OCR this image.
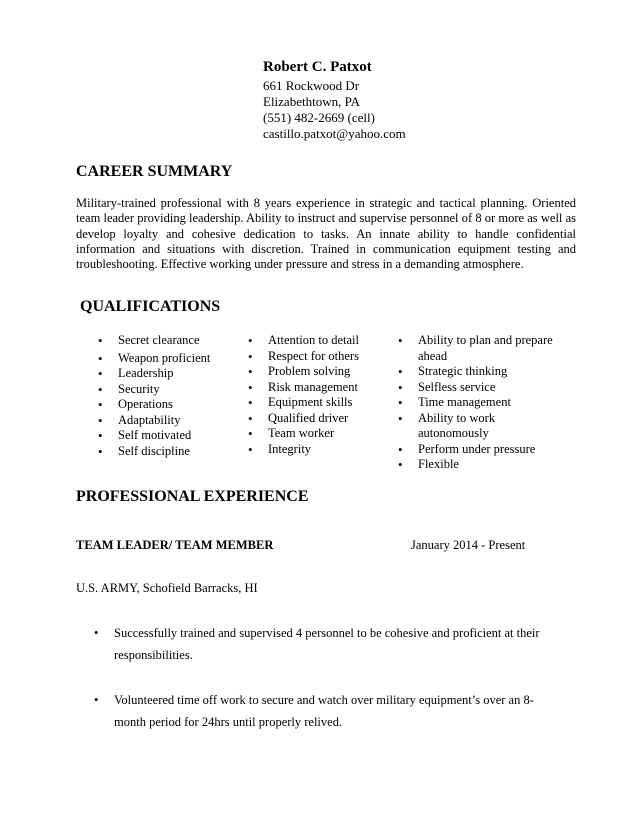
Robert C. Patxot
661 Rockwood Dr
Elizabethtown, PA
(551) 482-2669 (cell)
castillo.patxot@yahoo.com
CAREER SUMMARY
Military-trained professional with 8 years experience in strategic and tactical planning. Oriented team leader providing leadership. Ability to instruct and supervise personnel of 8 or more as well as develop loyalty and cohesive dedication to tasks. An innate ability to handle confidential information and situations with discretion. Trained in communication equipment testing and troubleshooting. Effective working under pressure and stress in a demanding atmosphere.
QUALIFICATIONS
• Secret clearance
• Weapon proficient
• Leadership
• Security
• Operations
• Adaptability
• Self motivated
• Self discipline
• Attention to detail
• Respect for others
• Problem solving
• Risk management
• Equipment skills
• Qualified driver
• Team worker
• Integrity
• Ability to plan and prepare ahead
• Strategic thinking
• Selfless service
• Time management
• Ability to work autonomously
• Perform under pressure
• Flexible
PROFESSIONAL EXPERIENCE
TEAM LEADER/ TEAM MEMBER	January 2014 - Present
U.S. ARMY, Schofield Barracks, HI
• Successfully trained and supervised 4 personnel to be cohesive and proficient at their responsibilities.
• Volunteered time off work to secure and watch over military equipment’s over an 8-month period for 24hrs until properly relived.
